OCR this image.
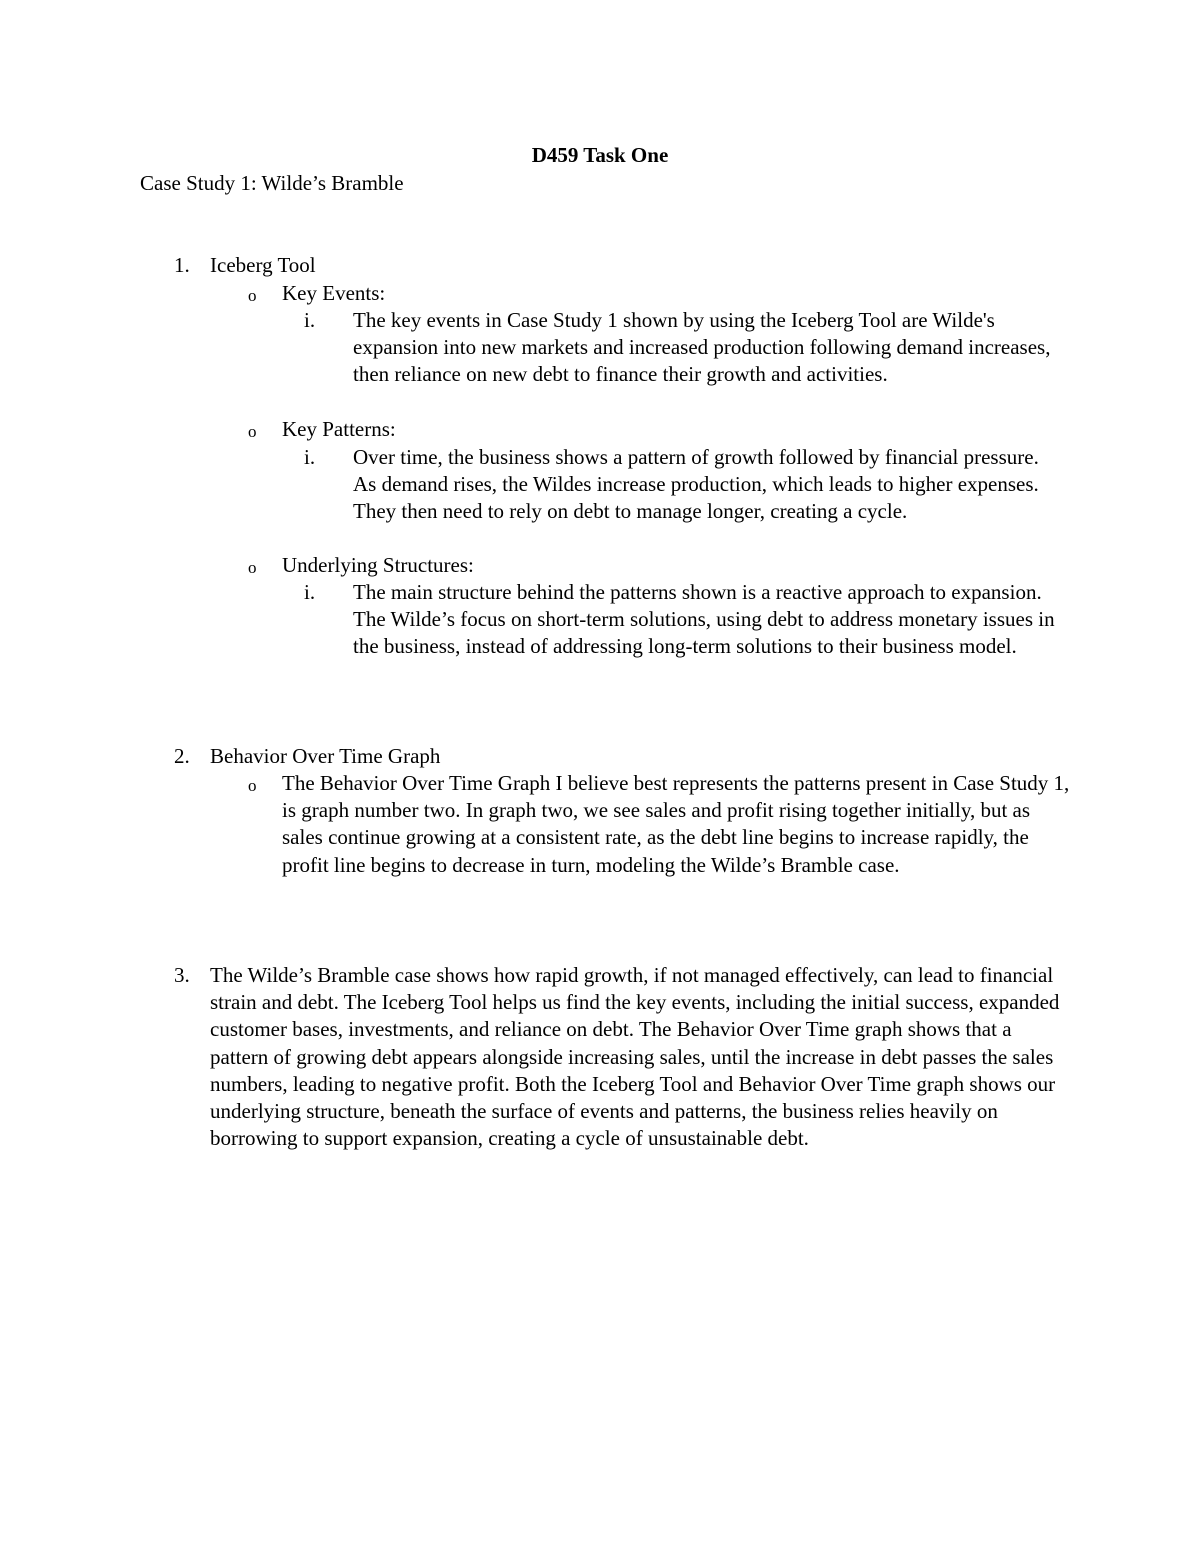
D459 Task One

Case Study 1: Wilde’s Bramble

1. Iceberg Tool
o	Key Events:
i.	The key events in Case Study 1 shown by using the Iceberg Tool are Wilde's expansion into new markets and increased production following demand increases, then reliance on new debt to finance their growth and activities.

o	Key Patterns:
i.	Over time, the business shows a pattern of growth followed by financial pressure. As demand rises, the Wildes increase production, which leads to higher expenses. They then need to rely on debt to manage longer, creating a cycle.

o	Underlying Structures:
i.	The main structure behind the patterns shown is a reactive approach to expansion. The Wilde’s focus on short-term solutions, using debt to address monetary issues in the business, instead of addressing long-term solutions to their business model.

2. Behavior Over Time Graph
o	The Behavior Over Time Graph I believe best represents the patterns present in Case Study 1, is graph number two. In graph two, we see sales and profit rising together initially, but as sales continue growing at a consistent rate, as the debt line begins to increase rapidly, the profit line begins to decrease in turn, modeling the Wilde’s Bramble case.

3. The Wilde’s Bramble case shows how rapid growth, if not managed effectively, can lead to financial strain and debt. The Iceberg Tool helps us find the key events, including the initial success, expanded customer bases, investments, and reliance on debt. The Behavior Over Time graph shows that a pattern of growing debt appears alongside increasing sales, until the increase in debt passes the sales numbers, leading to negative profit. Both the Iceberg Tool and Behavior Over Time graph shows our underlying structure, beneath the surface of events and patterns, the business relies heavily on borrowing to support expansion, creating a cycle of unsustainable debt.
